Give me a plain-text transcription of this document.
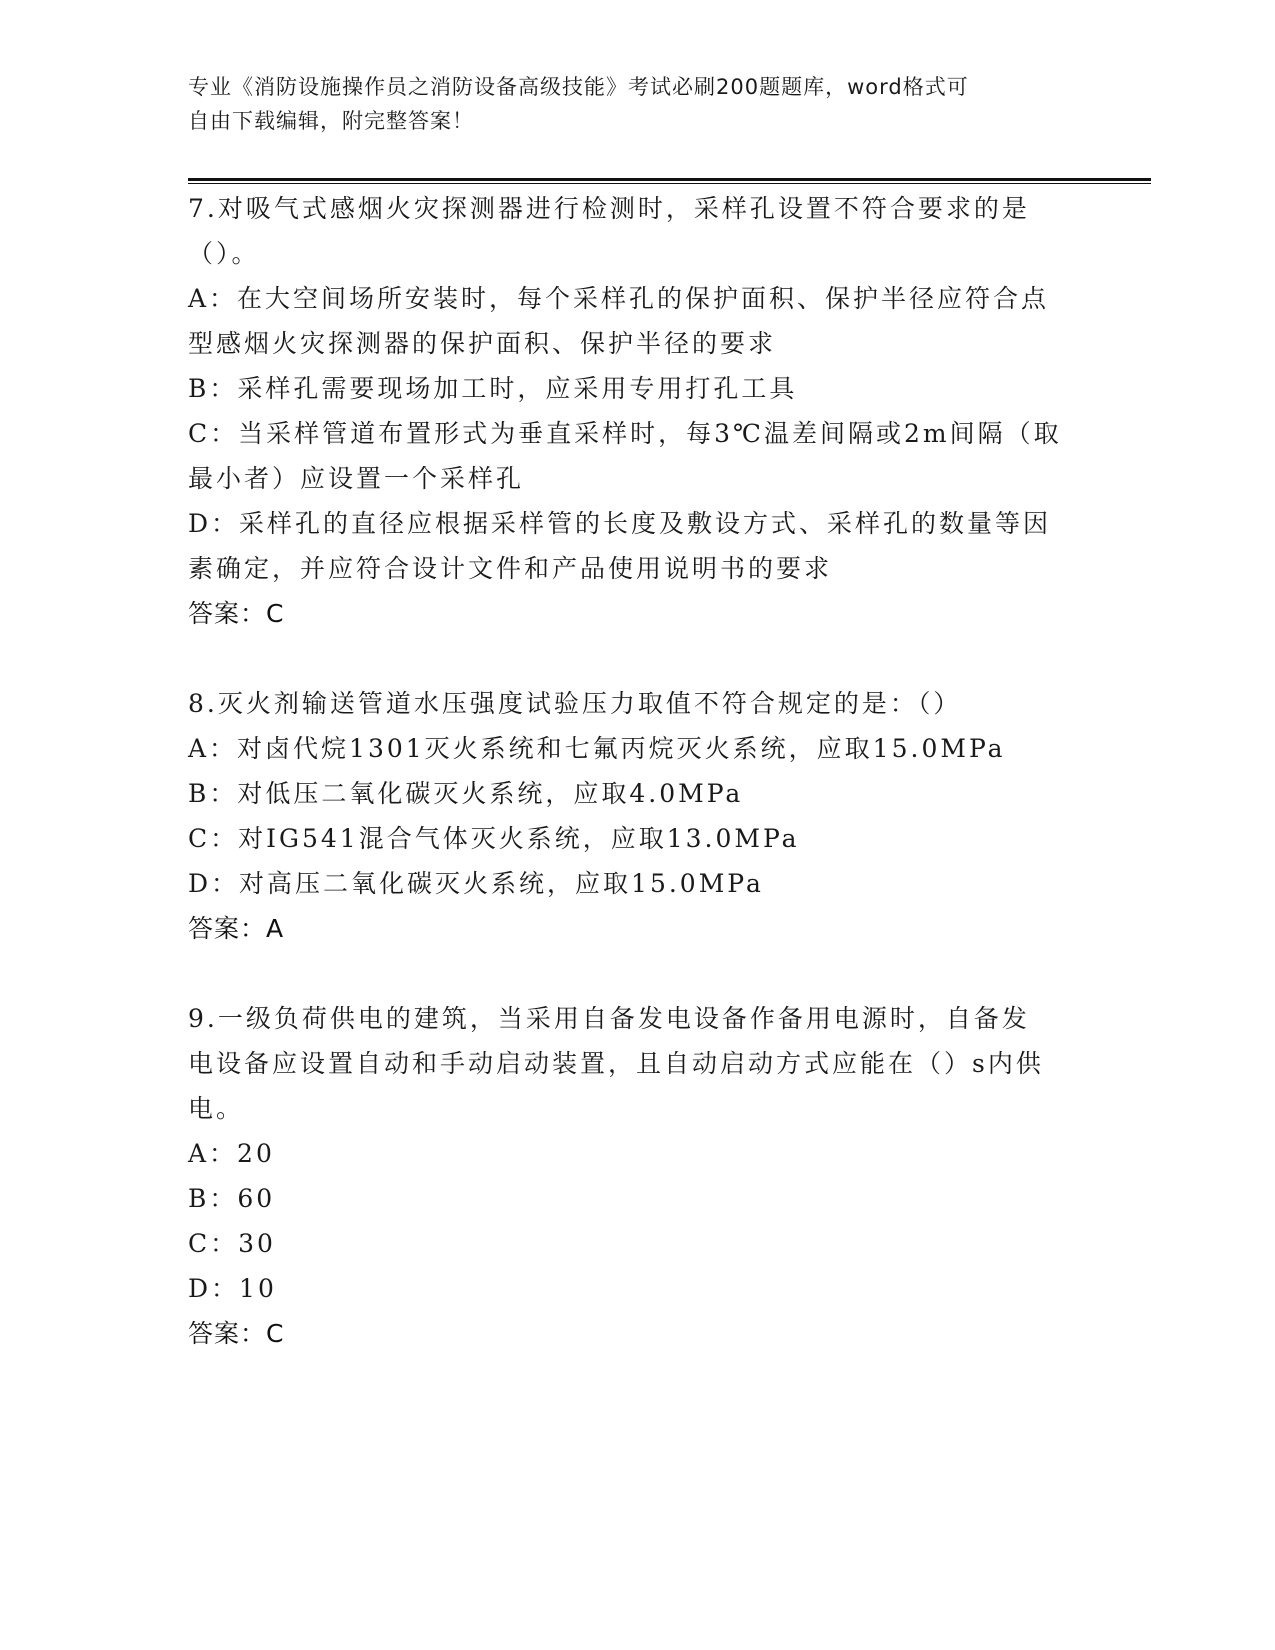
专业《消防设施操作员之消防设备高级技能》考试必刷200题题库，word格式可
自由下载编辑，附完整答案！
7.对吸气式感烟火灾探测器进行检测时，采样孔设置不符合要求的是
（）。
A：在大空间场所安装时，每个采样孔的保护面积、保护半径应符合点
型感烟火灾探测器的保护面积、保护半径的要求
B：采样孔需要现场加工时，应采用专用打孔工具
C：当采样管道布置形式为垂直采样时，每3℃温差间隔或2m间隔（取
最小者）应设置一个采样孔
D：采样孔的直径应根据采样管的长度及敷设方式、采样孔的数量等因
素确定，并应符合设计文件和产品使用说明书的要求
答案：C
8.灭火剂输送管道水压强度试验压力取值不符合规定的是：（）
A：对卤代烷1301灭火系统和七氟丙烷灭火系统，应取15.0MPa
B：对低压二氧化碳灭火系统，应取4.0MPa
C：对IG541混合气体灭火系统，应取13.0MPa
D：对高压二氧化碳灭火系统，应取15.0MPa
答案：A
9.一级负荷供电的建筑，当采用自备发电设备作备用电源时，自备发
电设备应设置自动和手动启动装置，且自动启动方式应能在（）s内供
电。
A：20
B：60
C：30
D：10
答案：C
